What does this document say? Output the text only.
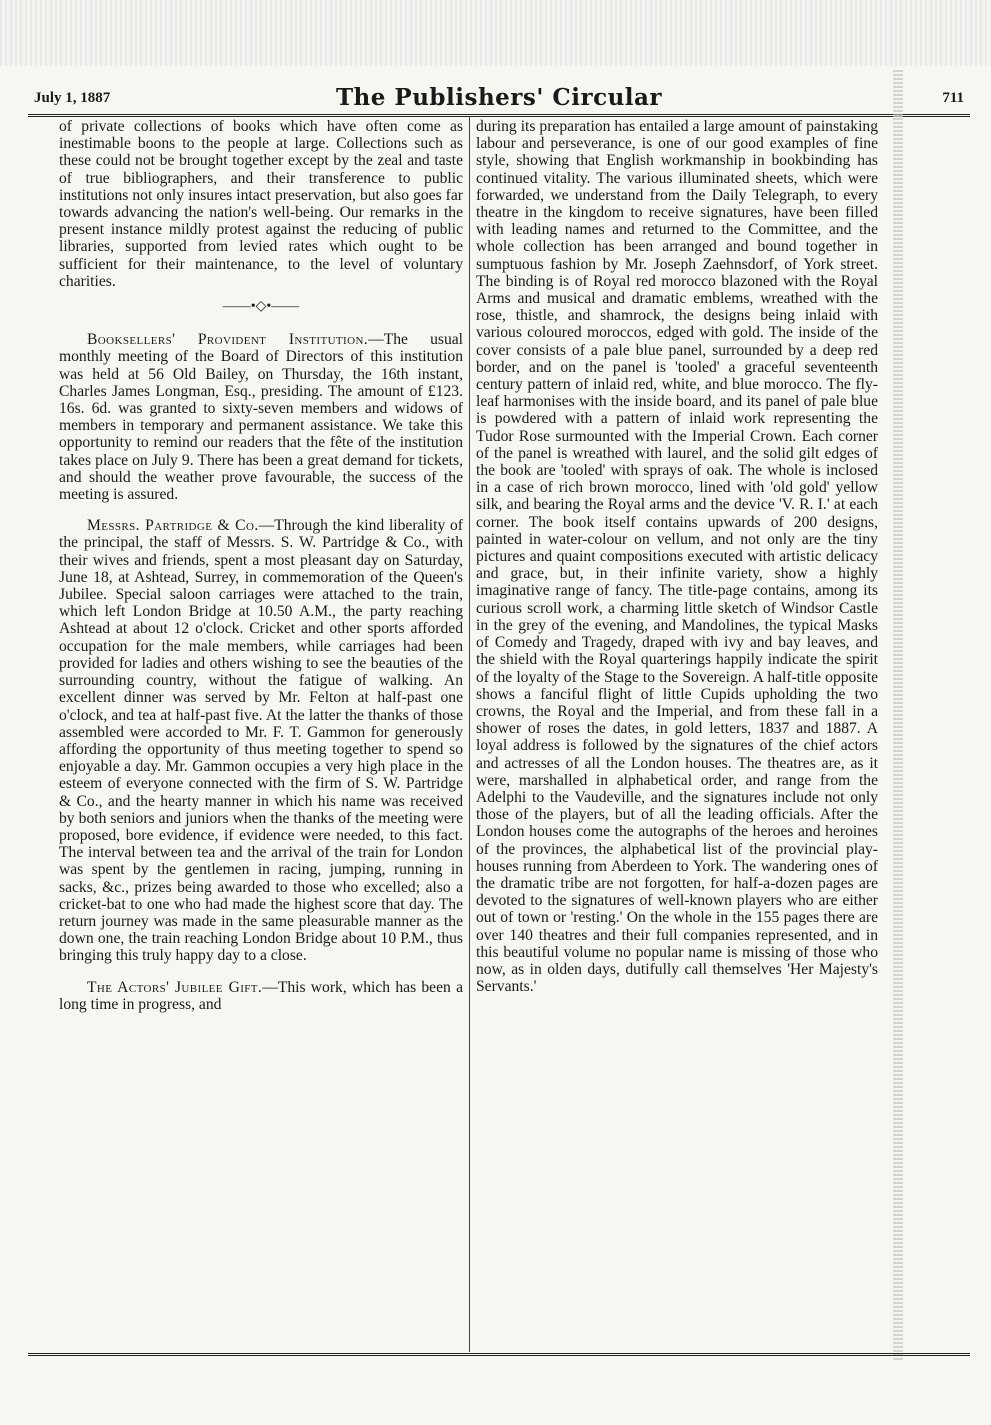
July 1, 1887	The Publishers' Circular	711

of private collections of books which have often come as inestimable boons to the people at large. Collections such as these could not be brought together except by the zeal and taste of true bibliographers, and their transference to public institutions not only insures intact preservation, but also goes far towards advancing the nation's well-being. Our remarks in the present instance mildly protest against the reducing of public libraries, supported from levied rates which ought to be sufficient for their maintenance, to the level of voluntary charities.

——•◇•——

Booksellers' Provident Institution.—The usual monthly meeting of the Board of Directors of this institution was held at 56 Old Bailey, on Thursday, the 16th instant, Charles James Longman, Esq., presiding. The amount of £123. 16s. 6d. was granted to sixty-seven members and widows of members in temporary and permanent assistance. We take this opportunity to remind our readers that the fête of the institution takes place on July 9. There has been a great demand for tickets, and should the weather prove favourable, the success of the meeting is assured.

Messrs. Partridge & Co.—Through the kind liberality of the principal, the staff of Messrs. S. W. Partridge & Co., with their wives and friends, spent a most pleasant day on Saturday, June 18, at Ashtead, Surrey, in commemoration of the Queen's Jubilee. Special saloon carriages were attached to the train, which left London Bridge at 10.50 A.M., the party reaching Ashtead at about 12 o'clock. Cricket and other sports afforded occupation for the male members, while carriages had been provided for ladies and others wishing to see the beauties of the surrounding country, without the fatigue of walking. An excellent dinner was served by Mr. Felton at half-past one o'clock, and tea at half-past five. At the latter the thanks of those assembled were accorded to Mr. F. T. Gammon for generously affording the opportunity of thus meeting together to spend so enjoyable a day. Mr. Gammon occupies a very high place in the esteem of everyone connected with the firm of S. W. Partridge & Co., and the hearty manner in which his name was received by both seniors and juniors when the thanks of the meeting were proposed, bore evidence, if evidence were needed, to this fact. The interval between tea and the arrival of the train for London was spent by the gentlemen in racing, jumping, running in sacks, &c., prizes being awarded to those who excelled; also a cricket-bat to one who had made the highest score that day. The return journey was made in the same pleasurable manner as the down one, the train reaching London Bridge about 10 P.M., thus bringing this truly happy day to a close.

The Actors' Jubilee Gift.—This work, which has been a long time in progress, and

during its preparation has entailed a large amount of painstaking labour and perseverance, is one of our good examples of fine style, showing that English workmanship in bookbinding has continued vitality. The various illuminated sheets, which were forwarded, we understand from the Daily Telegraph, to every theatre in the kingdom to receive signatures, have been filled with leading names and returned to the Committee, and the whole collection has been arranged and bound together in sumptuous fashion by Mr. Joseph Zaehnsdorf, of York street. The binding is of Royal red morocco blazoned with the Royal Arms and musical and dramatic emblems, wreathed with the rose, thistle, and shamrock, the designs being inlaid with various coloured moroccos, edged with gold. The inside of the cover consists of a pale blue panel, surrounded by a deep red border, and on the panel is 'tooled' a graceful seventeenth century pattern of inlaid red, white, and blue morocco. The fly-leaf harmonises with the inside board, and its panel of pale blue is powdered with a pattern of inlaid work representing the Tudor Rose surmounted with the Imperial Crown. Each corner of the panel is wreathed with laurel, and the solid gilt edges of the book are 'tooled' with sprays of oak. The whole is inclosed in a case of rich brown morocco, lined with 'old gold' yellow silk, and bearing the Royal arms and the device 'V. R. I.' at each corner. The book itself contains upwards of 200 designs, painted in water-colour on vellum, and not only are the tiny pictures and quaint compositions executed with artistic delicacy and grace, but, in their infinite variety, show a highly imaginative range of fancy. The title-page contains, among its curious scroll work, a charming little sketch of Windsor Castle in the grey of the evening, and Mandolines, the typical Masks of Comedy and Tragedy, draped with ivy and bay leaves, and the shield with the Royal quarterings happily indicate the spirit of the loyalty of the Stage to the Sovereign. A half-title opposite shows a fanciful flight of little Cupids upholding the two crowns, the Royal and the Imperial, and from these fall in a shower of roses the dates, in gold letters, 1837 and 1887. A loyal address is followed by the signatures of the chief actors and actresses of all the London houses. The theatres are, as it were, marshalled in alphabetical order, and range from the Adelphi to the Vaudeville, and the signatures include not only those of the players, but of all the leading officials. After the London houses come the autographs of the heroes and heroines of the provinces, the alphabetical list of the provincial play-houses running from Aberdeen to York. The wandering ones of the dramatic tribe are not forgotten, for half-a-dozen pages are devoted to the signatures of well-known players who are either out of town or 'resting.' On the whole in the 155 pages there are over 140 theatres and their full companies represented, and in this beautiful volume no popular name is missing of those who now, as in olden days, dutifully call themselves 'Her Majesty's Servants.'
